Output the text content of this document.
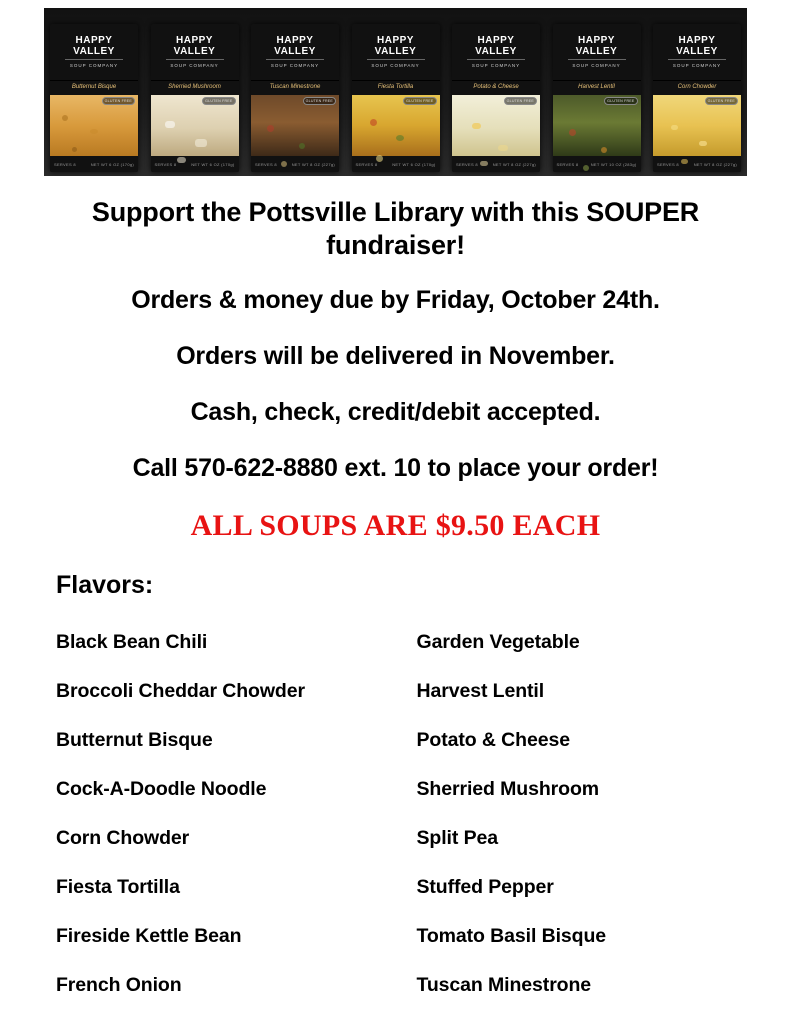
HAPPY
VALLEY
SOUP COMPANY
Butternut Bisque
GLUTEN FREE
SERVES 8	NET WT 6 OZ (170g)
HAPPY
VALLEY
SOUP COMPANY
Sherried Mushroom
GLUTEN FREE
SERVES 8	NET WT 6 OZ (170g)
HAPPY
VALLEY
SOUP COMPANY
Tuscan Minestrone
GLUTEN FREE
SERVES 8	NET WT 8 OZ (227g)
HAPPY
VALLEY
SOUP COMPANY
Fiesta Tortilla
GLUTEN FREE
SERVES 8	NET WT 6 OZ (170g)
HAPPY
VALLEY
SOUP COMPANY
Potato & Cheese
GLUTEN FREE
SERVES 8	NET WT 8 OZ (227g)
HAPPY
VALLEY
SOUP COMPANY
Harvest Lentil
GLUTEN FREE
SERVES 8	NET WT 10 OZ (283g)
HAPPY
VALLEY
SOUP COMPANY
Corn Chowder
GLUTEN FREE
SERVES 8	NET WT 8 OZ (227g)
Support the Pottsville Library with this SOUPER fundraiser!
Orders & money due by Friday, October 24th.
Orders will be delivered in November.
Cash, check, credit/debit accepted.
Call 570-622-8880 ext. 10 to place your order!
ALL SOUPS ARE $9.50 EACH
Flavors:
Black Bean Chili
Broccoli Cheddar Chowder
Butternut Bisque
Cock-A-Doodle Noodle
Corn Chowder
Fiesta Tortilla
Fireside Kettle Bean
French Onion
Garden Vegetable
Harvest Lentil
Potato & Cheese
Sherried Mushroom
Split Pea
Stuffed Pepper
Tomato Basil Bisque
Tuscan Minestrone
